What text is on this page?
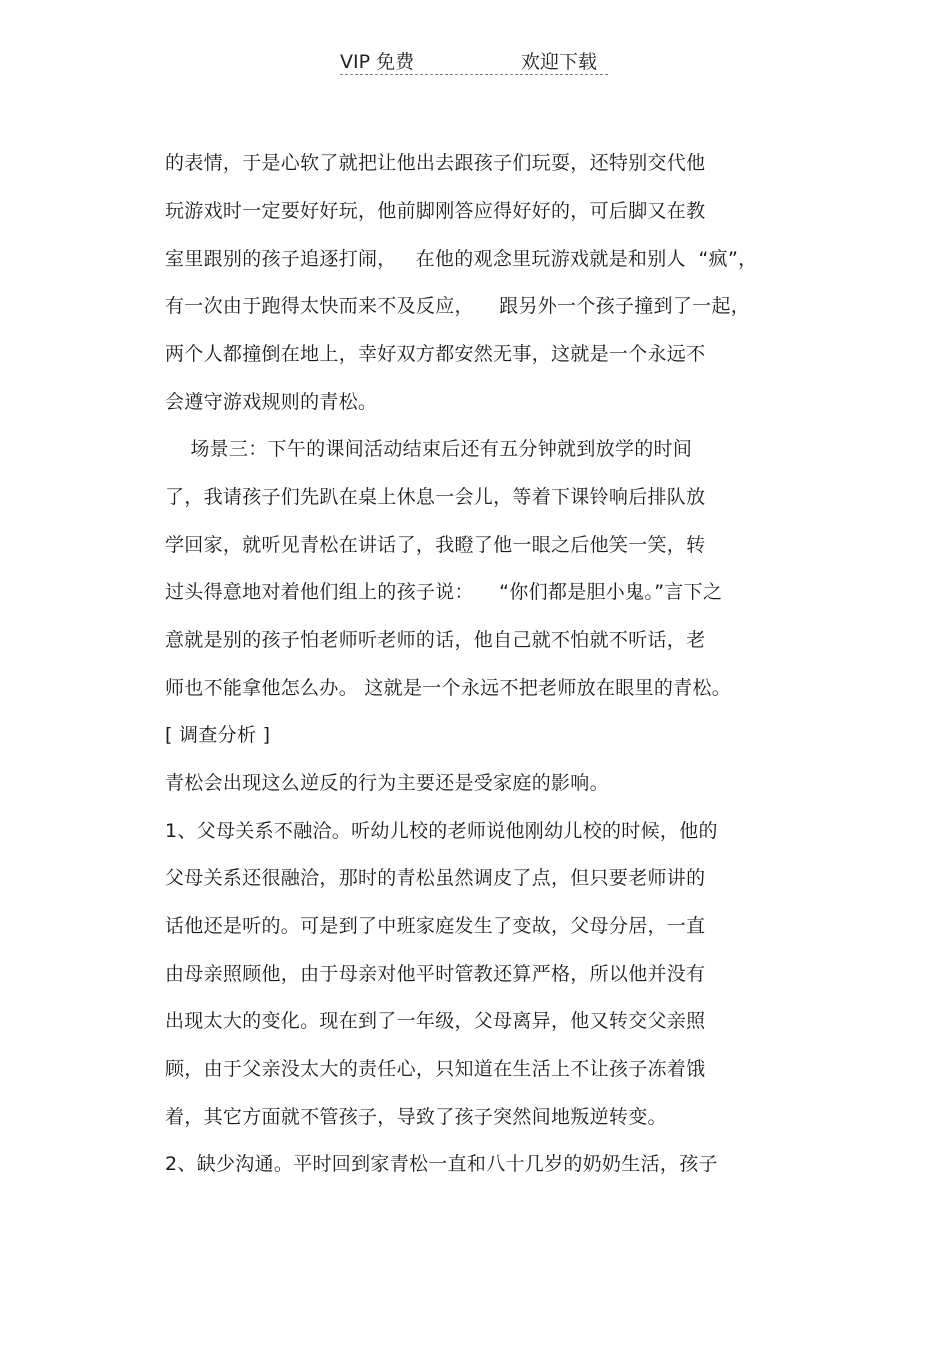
VIP 免费	欢迎下载
的表情，于是心软了就把让他出去跟孩子们玩耍，还特别交代他
玩游戏时一定要好好玩，他前脚刚答应得好好的，可后脚又在教
室里跟别的孩子追逐打闹，   在他的观念里玩游戏就是和别人  “疯”，
有一次由于跑得太快而来不及反应，    跟另外一个孩子撞到了一起，
两个人都撞倒在地上，幸好双方都安然无事，这就是一个永远不
会遵守游戏规则的青松。
场景三：下午的课间活动结束后还有五分钟就到放学的时间
了，我请孩子们先趴在桌上休息一会儿，等着下课铃响后排队放
学回家，就听见青松在讲话了，我瞪了他一眼之后他笑一笑，转
过头得意地对着他们组上的孩子说：    “你们都是胆小鬼。”言下之
意就是别的孩子怕老师听老师的话，他自己就不怕就不听话，老
师也不能拿他怎么办。 这就是一个永远不把老师放在眼里的青松。
[ 调查分析 ]
青松会出现这么逆反的行为主要还是受家庭的影响。
1、父母关系不融洽。听幼儿校的老师说他刚幼儿校的时候，他的
父母关系还很融洽，那时的青松虽然调皮了点，但只要老师讲的
话他还是听的。可是到了中班家庭发生了变故，父母分居，一直
由母亲照顾他，由于母亲对他平时管教还算严格，所以他并没有
出现太大的变化。现在到了一年级，父母离异，他又转交父亲照
顾，由于父亲没太大的责任心，只知道在生活上不让孩子冻着饿
着，其它方面就不管孩子，导致了孩子突然间地叛逆转变。
2、缺少沟通。平时回到家青松一直和八十几岁的奶奶生活，孩子
